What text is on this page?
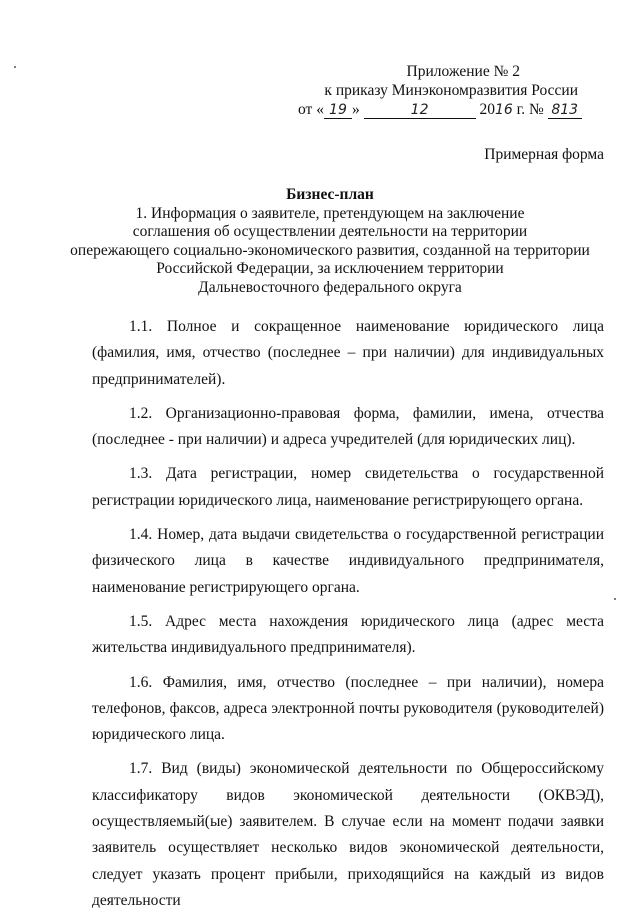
Приложение № 2
к приказу Минэкономразвития России
от « 19 »	12	2016 г. № 813
Примерная форма
Бизнес-план
1. Информация о заявителе, претендующем на заключение
соглашения об осуществлении деятельности на территории
опережающего социально-экономического развития, созданной на территории
Российской Федерации, за исключением территории
Дальневосточного федерального округа

1.1. Полное и сокращенное наименование юридического лица (фамилия, имя, отчество (последнее – при наличии) для индивидуальных предпринимателей).

1.2. Организационно-правовая форма, фамилии, имена, отчества (последнее - при наличии) и адреса учредителей (для юридических лиц).

1.3. Дата регистрации, номер свидетельства о государственной регистрации юридического лица, наименование регистрирующего органа.

1.4. Номер, дата выдачи свидетельства о государственной регистрации физического лица в качестве индивидуального предпринимателя, наименование регистрирующего органа.

1.5. Адрес места нахождения юридического лица (адрес места жительства индивидуального предпринимателя).

1.6. Фамилия, имя, отчество (последнее – при наличии), номера телефонов, факсов, адреса электронной почты руководителя (руководителей) юридического лица.

1.7. Вид (виды) экономической деятельности по Общероссийскому классификатору видов экономической деятельности (ОКВЭД), осуществляемый(ые) заявителем. В случае если на момент подачи заявки заявитель осуществляет несколько видов экономической деятельности, следует указать процент прибыли, приходящийся на каждый из видов деятельности
